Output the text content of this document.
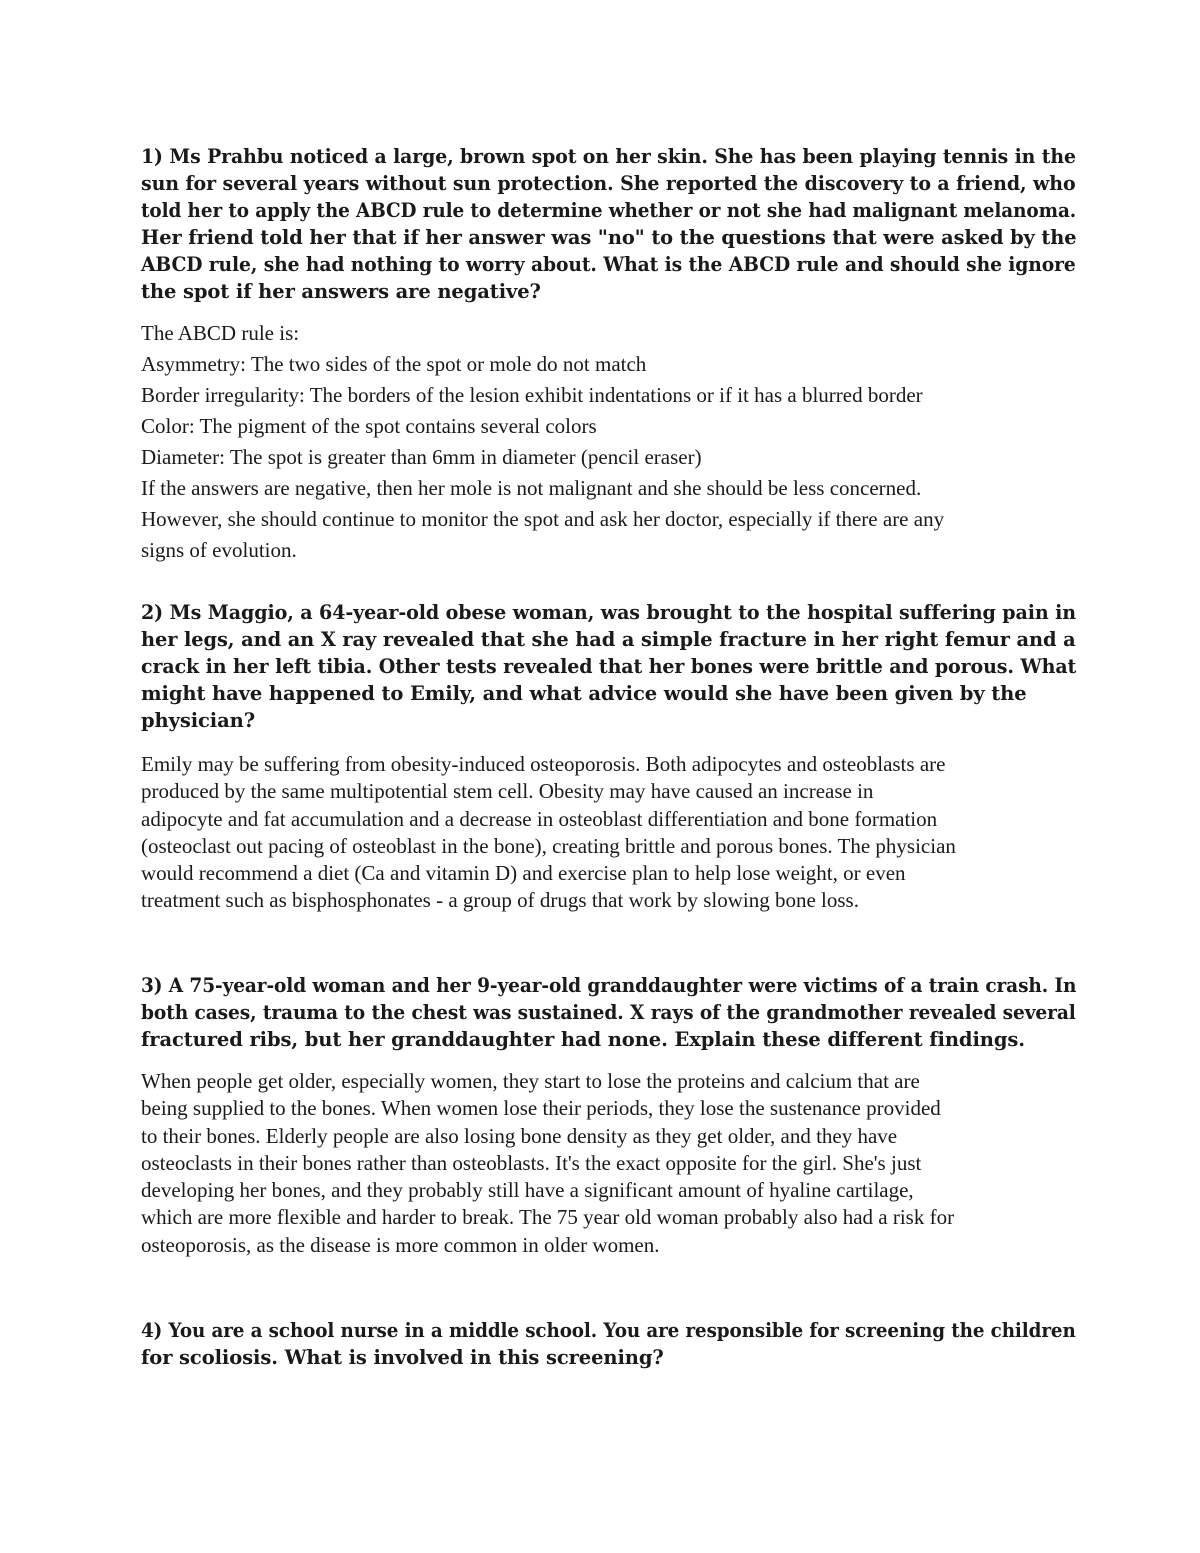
1) Ms Prahbu noticed a large, brown spot on her skin. She has been playing tennis in the
sun for several years without sun protection. She reported the discovery to a friend, who
told her to apply the ABCD rule to determine whether or not she had malignant melanoma.
Her friend told her that if her answer was "no" to the questions that were asked by the
ABCD rule, she had nothing to worry about. What is the ABCD rule and should she ignore
the spot if her answers are negative?

The ABCD rule is:
Asymmetry: The two sides of the spot or mole do not match
Border irregularity: The borders of the lesion exhibit indentations or if it has a blurred border
Color: The pigment of the spot contains several colors
Diameter: The spot is greater than 6mm in diameter (pencil eraser)
If the answers are negative, then her mole is not malignant and she should be less concerned.
However, she should continue to monitor the spot and ask her doctor, especially if there are any
signs of evolution.

2) Ms Maggio, a 64-year-old obese woman, was brought to the hospital suffering pain in
her legs, and an X ray revealed that she had a simple fracture in her right femur and a
crack in her left tibia. Other tests revealed that her bones were brittle and porous. What
might have happened to Emily, and what advice would she have been given by the
physician?

Emily may be suffering from obesity-induced osteoporosis. Both adipocytes and osteoblasts are
produced by the same multipotential stem cell. Obesity may have caused an increase in
adipocyte and fat accumulation and a decrease in osteoblast differentiation and bone formation
(osteoclast out pacing of osteoblast in the bone), creating brittle and porous bones. The physician
would recommend a diet (Ca and vitamin D) and exercise plan to help lose weight, or even
treatment such as bisphosphonates - a group of drugs that work by slowing bone loss.

3) A 75-year-old woman and her 9-year-old granddaughter were victims of a train crash. In
both cases, trauma to the chest was sustained. X rays of the grandmother revealed several
fractured ribs, but her granddaughter had none. Explain these different findings.

When people get older, especially women, they start to lose the proteins and calcium that are
being supplied to the bones. When women lose their periods, they lose the sustenance provided
to their bones. Elderly people are also losing bone density as they get older, and they have
osteoclasts in their bones rather than osteoblasts. It's the exact opposite for the girl. She's just
developing her bones, and they probably still have a significant amount of hyaline cartilage,
which are more flexible and harder to break. The 75 year old woman probably also had a risk for
osteoporosis, as the disease is more common in older women.

4) You are a school nurse in a middle school. You are responsible for screening the children
for scoliosis. What is involved in this screening?
